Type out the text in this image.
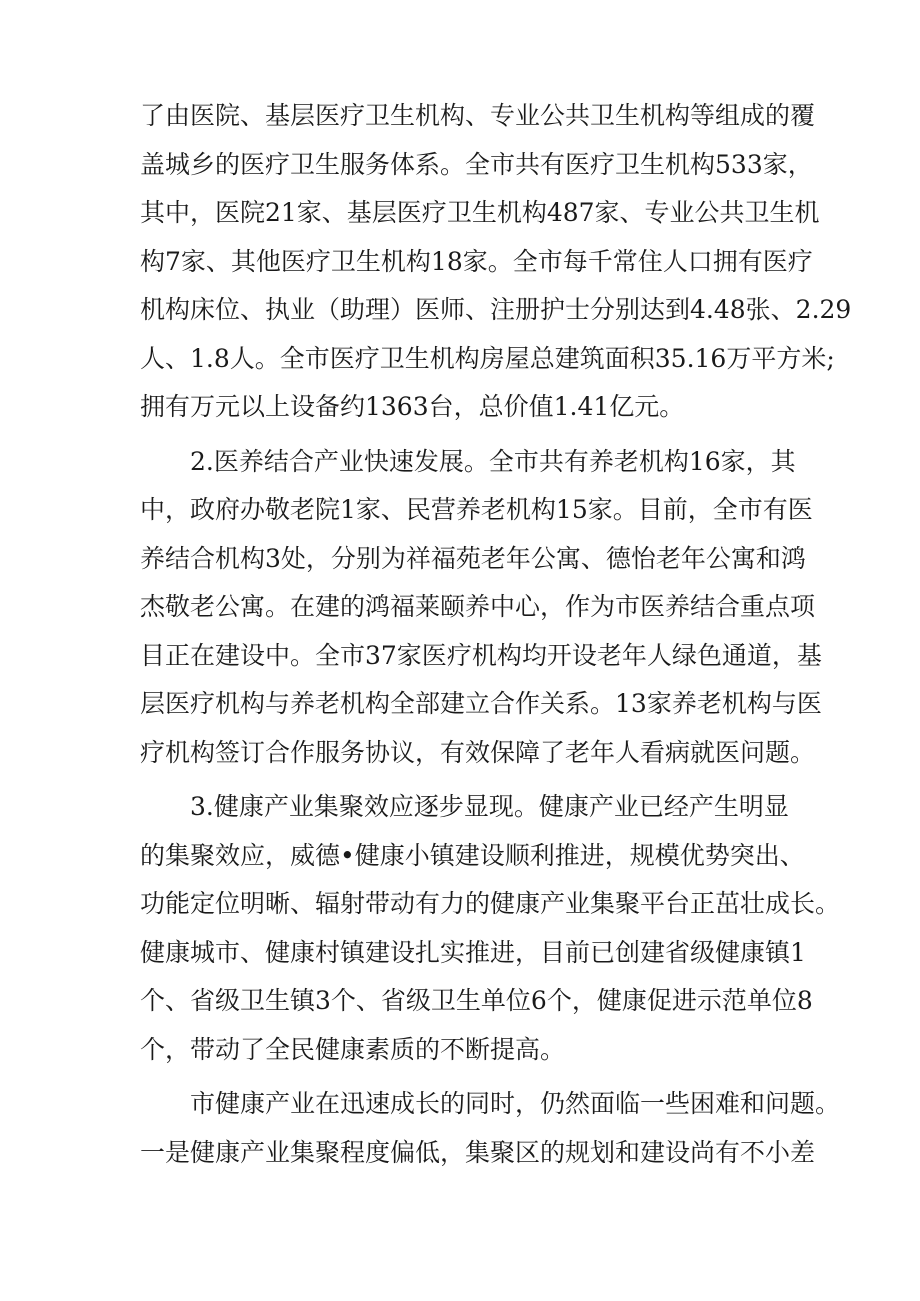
了由医院、基层医疗卫生机构、专业公共卫生机构等组成的覆
盖城乡的医疗卫生服务体系。全市共有医疗卫生机构533家，
其中，医院21家、基层医疗卫生机构487家、专业公共卫生机
构7家、其他医疗卫生机构18家。全市每千常住人口拥有医疗
机构床位、执业（助理）医师、注册护士分别达到4.48张、2.29
人、1.8人。全市医疗卫生机构房屋总建筑面积35.16万平方米;
拥有万元以上设备约1363台，总价值1.41亿元。
　　2.医养结合产业快速发展。全市共有养老机构16家，其
中，政府办敬老院1家、民营养老机构15家。目前，全市有医
养结合机构3处，分别为祥福苑老年公寓、德怡老年公寓和鸿
杰敬老公寓。在建的鸿福莱颐养中心，作为市医养结合重点项
目正在建设中。全市37家医疗机构均开设老年人绿色通道，基
层医疗机构与养老机构全部建立合作关系。13家养老机构与医
疗机构签订合作服务协议，有效保障了老年人看病就医问题。
　　3.健康产业集聚效应逐步显现。健康产业已经产生明显
的集聚效应，威德•健康小镇建设顺利推进，规模优势突出、
功能定位明晰、辐射带动有力的健康产业集聚平台正茁壮成长。
健康城市、健康村镇建设扎实推进，目前已创建省级健康镇1
个、省级卫生镇3个、省级卫生单位6个，健康促进示范单位8
个，带动了全民健康素质的不断提高。
　　市健康产业在迅速成长的同时，仍然面临一些困难和问题。
一是健康产业集聚程度偏低，集聚区的规划和建设尚有不小差
